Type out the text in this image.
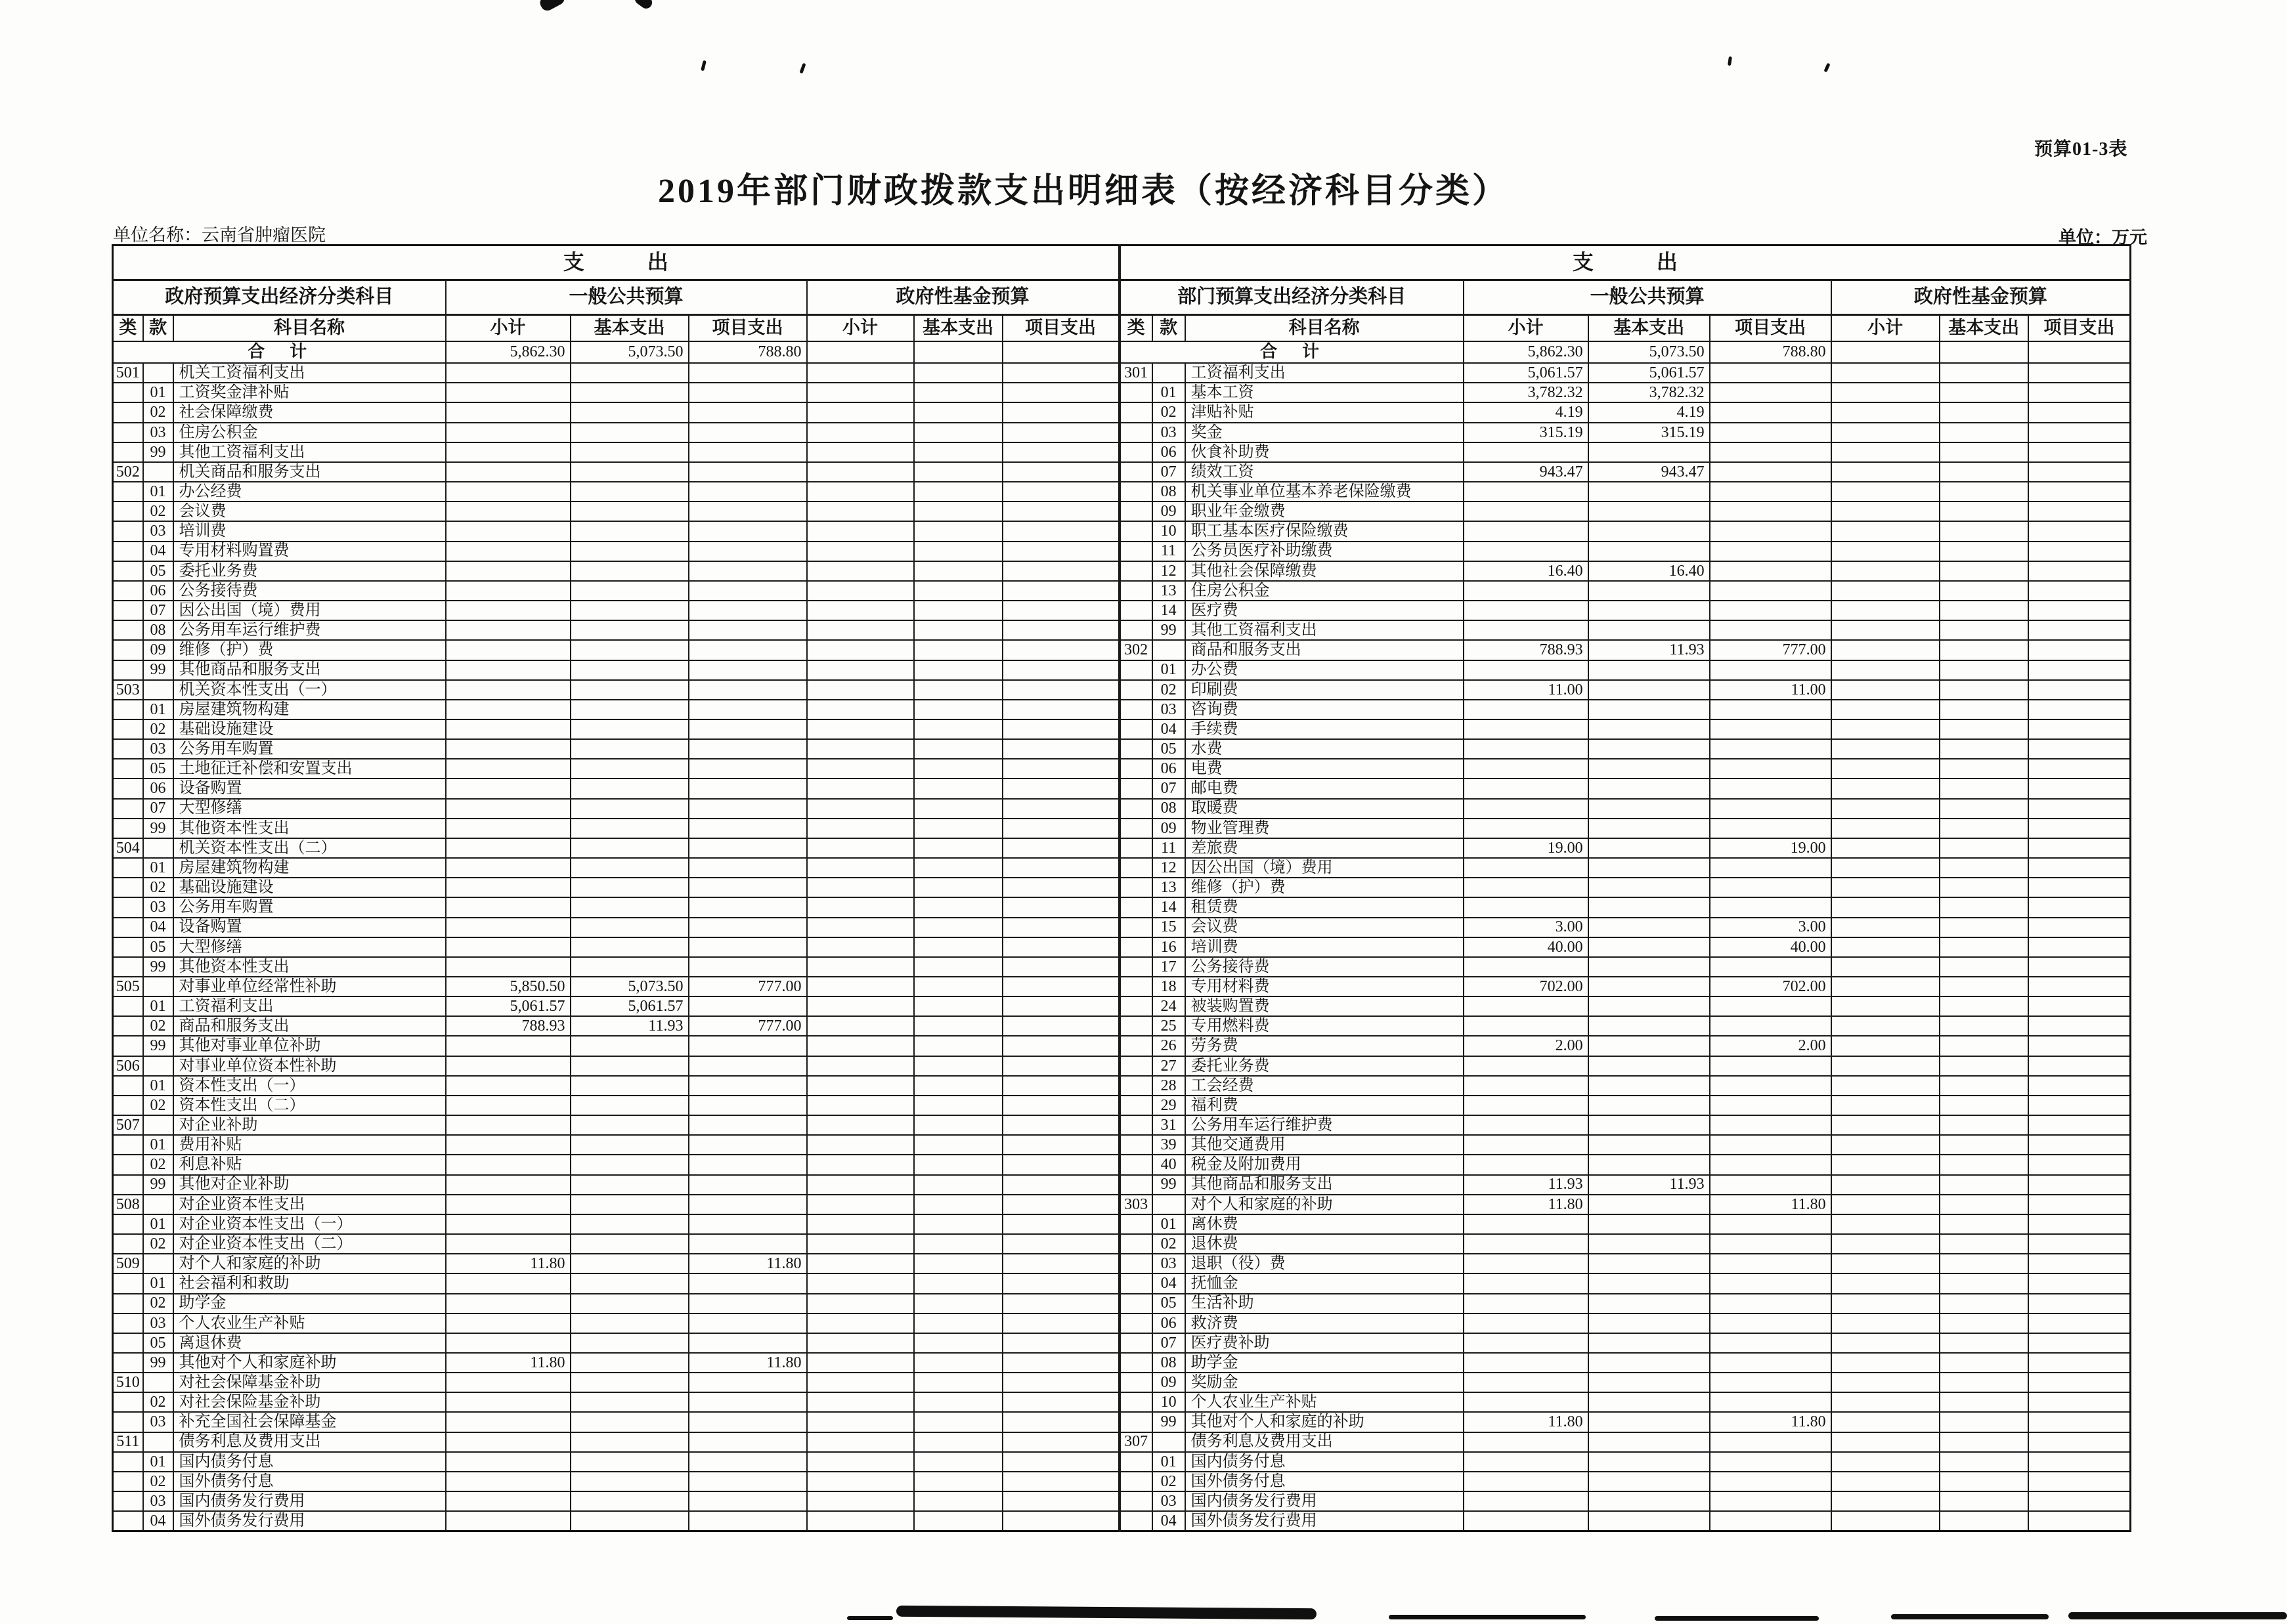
预算01-3表
2019年部门财政拨款支出明细表（按经济科目分类）
单位名称：云南省肿瘤医院	单位：万元
支　　　出									支　　　出								
政府预算支出经济分类科目			一般公共预算			政府性基金预算			部门预算支出经济分类科目			一般公共预算			政府性基金预算		
类	款	科目名称	小计	基本支出	项目支出	小计	基本支出	项目支出	类	款	科目名称	小计	基本支出	项目支出	小计	基本支出	项目支出
合　计			5,862.30	5,073.50	788.80				合　计			5,862.30	5,073.50	788.80			
501		机关工资福利支出							301		工资福利支出	5,061.57	5,061.57				
	01	工资奖金津补贴								01	基本工资	3,782.32	3,782.32				
	02	社会保障缴费								02	津贴补贴	4.19	4.19				
	03	住房公积金								03	奖金	315.19	315.19				
	99	其他工资福利支出								06	伙食补助费						
502		机关商品和服务支出								07	绩效工资	943.47	943.47				
	01	办公经费								08	机关事业单位基本养老保险缴费						
	02	会议费								09	职业年金缴费						
	03	培训费								10	职工基本医疗保险缴费						
	04	专用材料购置费								11	公务员医疗补助缴费						
	05	委托业务费								12	其他社会保障缴费	16.40	16.40				
	06	公务接待费								13	住房公积金						
	07	因公出国（境）费用								14	医疗费						
	08	公务用车运行维护费								99	其他工资福利支出						
	09	维修（护）费							302		商品和服务支出	788.93	11.93	777.00			
	99	其他商品和服务支出								01	办公费						
503		机关资本性支出（一）								02	印刷费	11.00		11.00			
	01	房屋建筑物构建								03	咨询费						
	02	基础设施建设								04	手续费						
	03	公务用车购置								05	水费						
	05	土地征迁补偿和安置支出								06	电费						
	06	设备购置								07	邮电费						
	07	大型修缮								08	取暖费						
	99	其他资本性支出								09	物业管理费						
504		机关资本性支出（二）								11	差旅费	19.00		19.00			
	01	房屋建筑物构建								12	因公出国（境）费用						
	02	基础设施建设								13	维修（护）费						
	03	公务用车购置								14	租赁费						
	04	设备购置								15	会议费	3.00		3.00			
	05	大型修缮								16	培训费	40.00		40.00			
	99	其他资本性支出								17	公务接待费						
505		对事业单位经常性补助	5,850.50	5,073.50	777.00					18	专用材料费	702.00		702.00			
	01	工资福利支出	5,061.57	5,061.57						24	被装购置费						
	02	商品和服务支出	788.93	11.93	777.00					25	专用燃料费						
	99	其他对事业单位补助								26	劳务费	2.00		2.00			
506		对事业单位资本性补助								27	委托业务费						
	01	资本性支出（一）								28	工会经费						
	02	资本性支出（二）								29	福利费						
507		对企业补助								31	公务用车运行维护费						
	01	费用补贴								39	其他交通费用						
	02	利息补贴								40	税金及附加费用						
	99	其他对企业补助								99	其他商品和服务支出	11.93	11.93				
508		对企业资本性支出							303		对个人和家庭的补助	11.80		11.80			
	01	对企业资本性支出（一）								01	离休费						
	02	对企业资本性支出（二）								02	退休费						
509		对个人和家庭的补助	11.80		11.80					03	退职（役）费						
	01	社会福利和救助								04	抚恤金						
	02	助学金								05	生活补助						
	03	个人农业生产补贴								06	救济费						
	05	离退休费								07	医疗费补助						
	99	其他对个人和家庭补助	11.80		11.80					08	助学金						
510		对社会保障基金补助								09	奖励金						
	02	对社会保险基金补助								10	个人农业生产补贴						
	03	补充全国社会保障基金								99	其他对个人和家庭的补助	11.80		11.80			
511		债务利息及费用支出							307		债务利息及费用支出						
	01	国内债务付息								01	国内债务付息						
	02	国外债务付息								02	国外债务付息						
	03	国内债务发行费用								03	国内债务发行费用						
	04	国外债务发行费用								04	国外债务发行费用						
